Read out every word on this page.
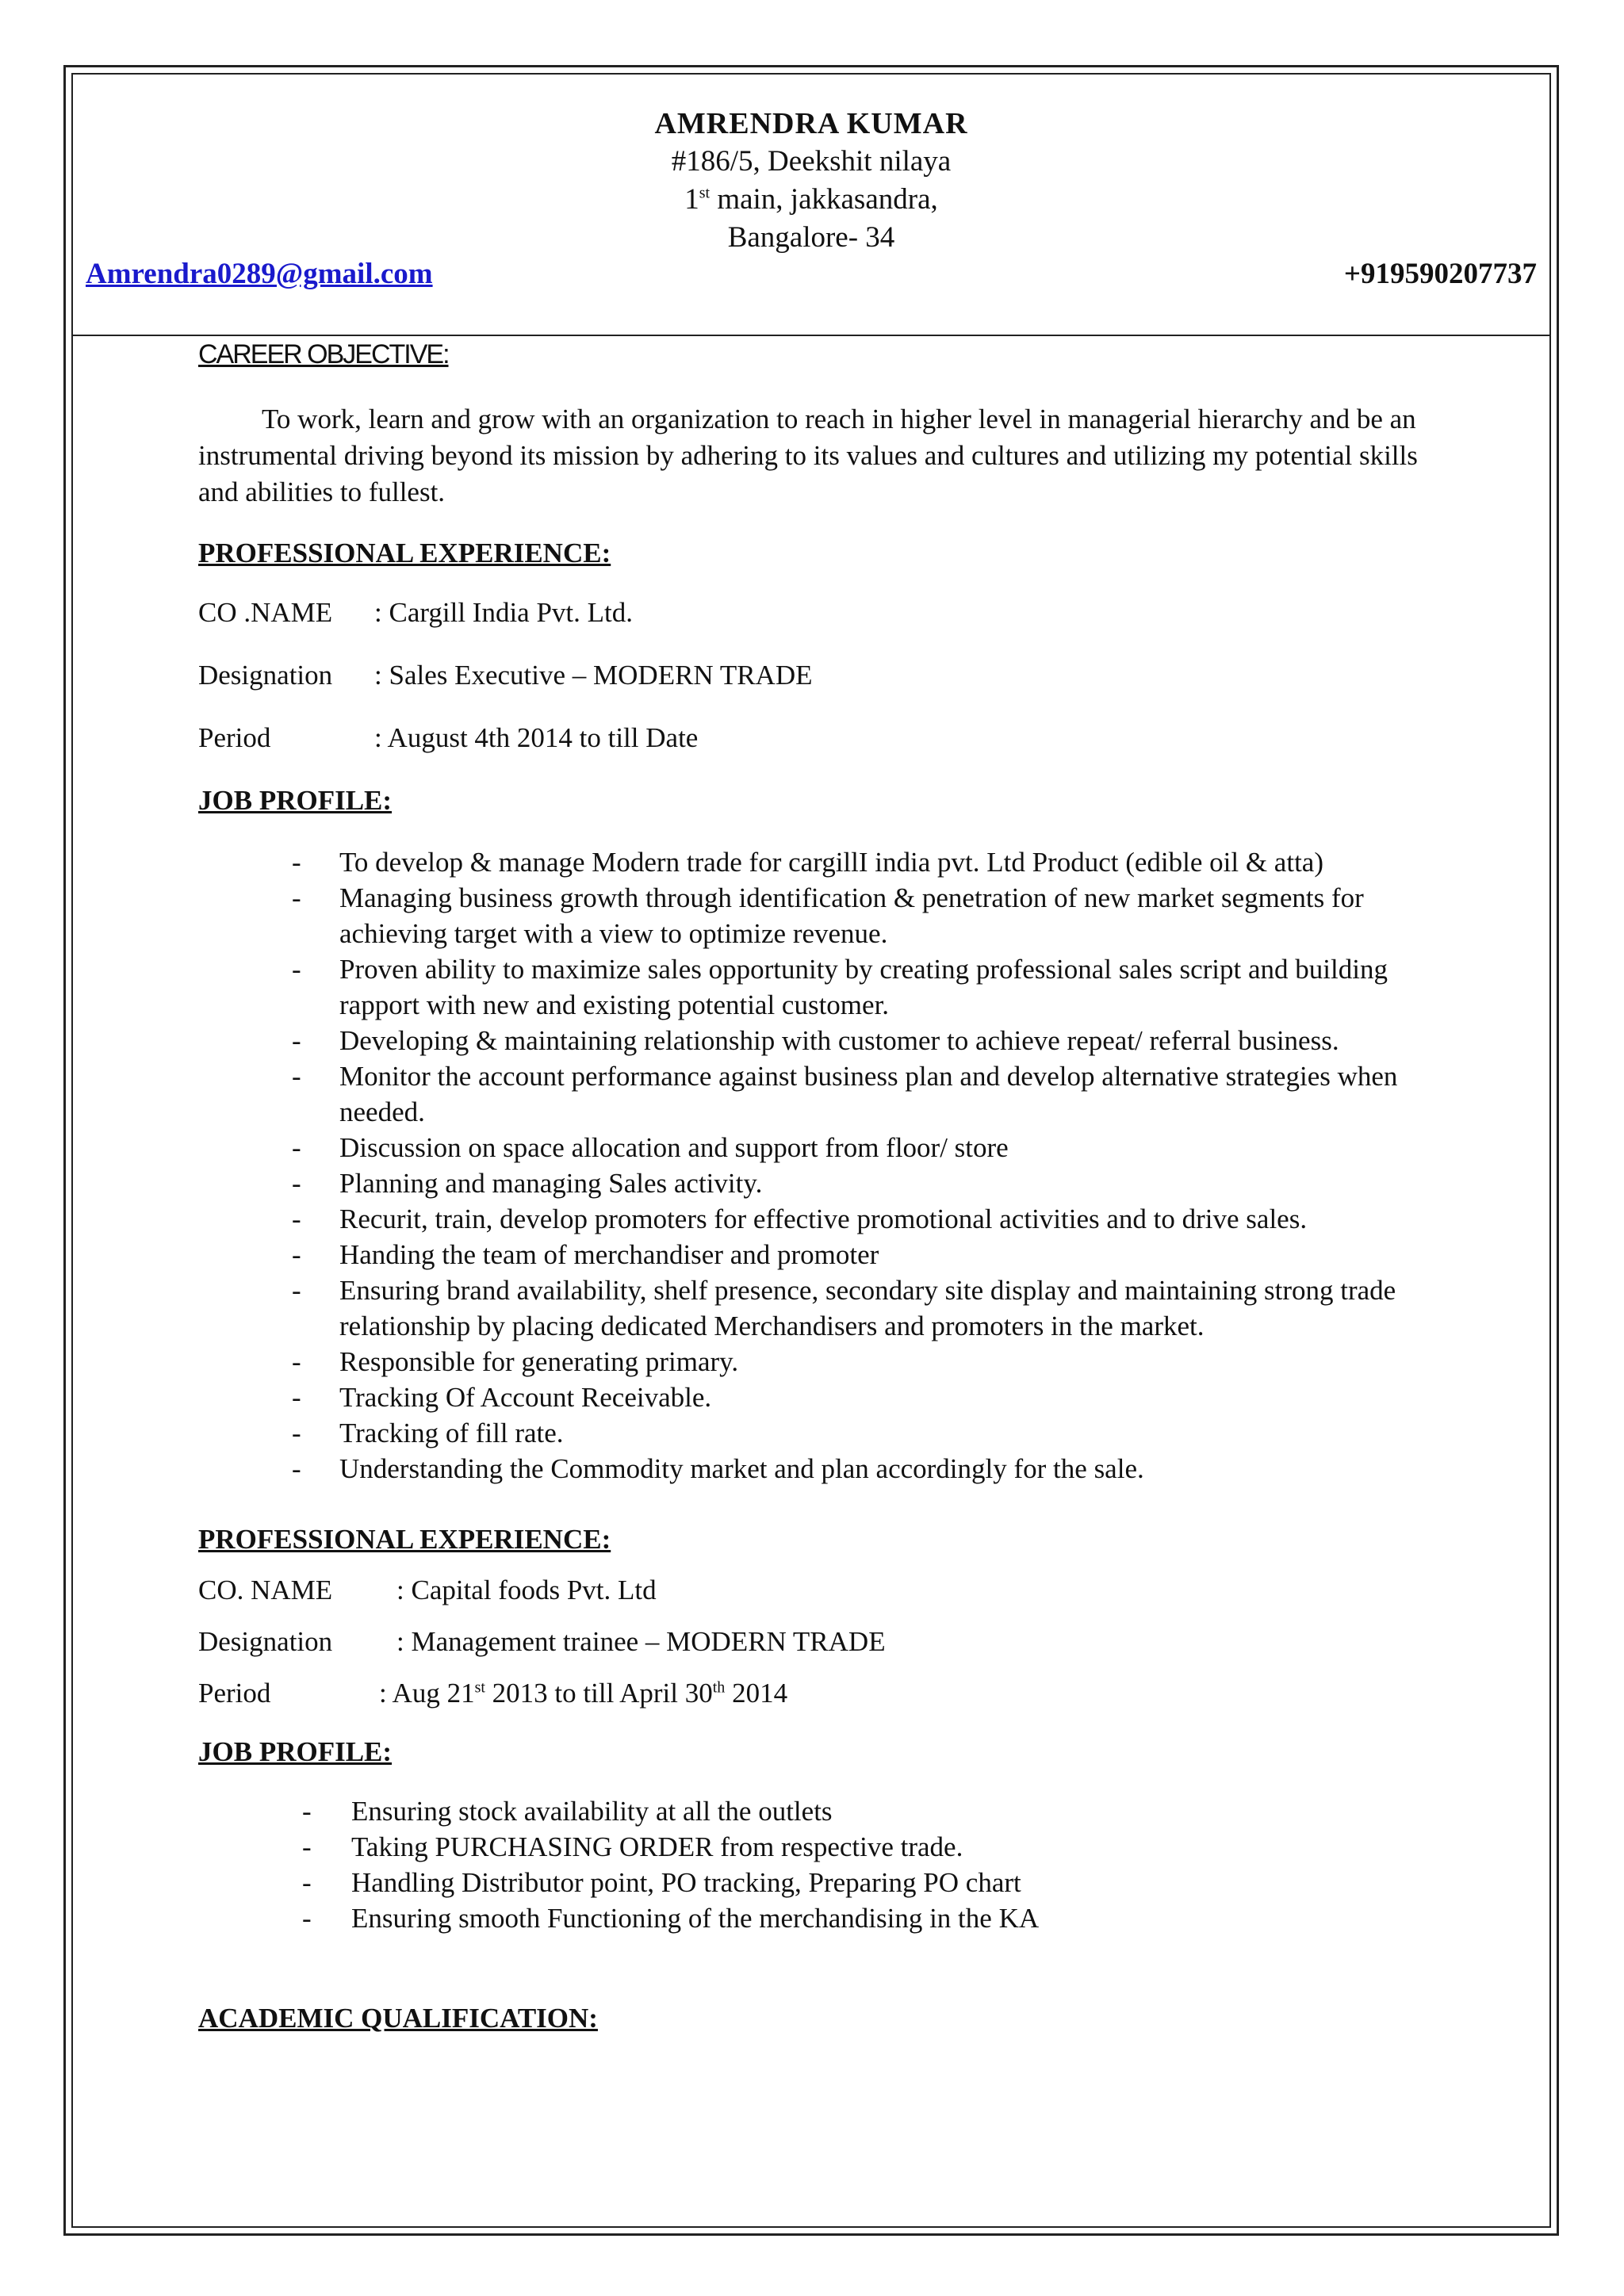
AMRENDRA KUMAR
#186/5, Deekshit nilaya
1st main, jakkasandra,
Bangalore- 34
Amrendra0289@gmail.com	+919590207737
CAREER OBJECTIVE:
To work, learn and grow with an organization to reach in higher level in managerial hierarchy and be an instrumental driving beyond its mission by adhering to its values and cultures and utilizing my potential skills and abilities to fullest.
PROFESSIONAL EXPERIENCE:
CO .NAME : Cargill India Pvt. Ltd.
Designation : Sales Executive – MODERN TRADE
Period	: August 4th 2014 to till Date
JOB PROFILE:
- To develop & manage Modern trade for cargillI india pvt. Ltd Product (edible oil & atta)
- Managing business growth through identification & penetration of new market segments for achieving target with a view to optimize revenue.
- Proven ability to maximize sales opportunity by creating professional sales script and building rapport with new and existing potential customer.
- Developing & maintaining relationship with customer to achieve repeat/ referral business.
- Monitor the account performance against business plan and develop alternative strategies when needed.
- Discussion on space allocation and support from floor/ store
- Planning and managing Sales activity.
- Recurit, train, develop promoters for effective promotional activities and to drive sales.
- Handing the team of merchandiser and promoter
- Ensuring brand availability, shelf presence, secondary site display and maintaining strong trade relationship by placing dedicated Merchandisers and promoters in the market.
- Responsible for generating primary.
- Tracking Of Account Receivable.
- Tracking of fill rate.
- Understanding the Commodity market and plan accordingly for the sale.
PROFESSIONAL EXPERIENCE:
CO. NAME : Capital foods Pvt. Ltd
Designation : Management trainee – MODERN TRADE
Period	: Aug 21st 2013 to till April 30th 2014
JOB PROFILE:
- Ensuring stock availability at all the outlets
- Taking PURCHASING ORDER from respective trade.
- Handling Distributor point, PO tracking, Preparing PO chart
- Ensuring smooth Functioning of the merchandising in the KA
ACADEMIC QUALIFICATION:
